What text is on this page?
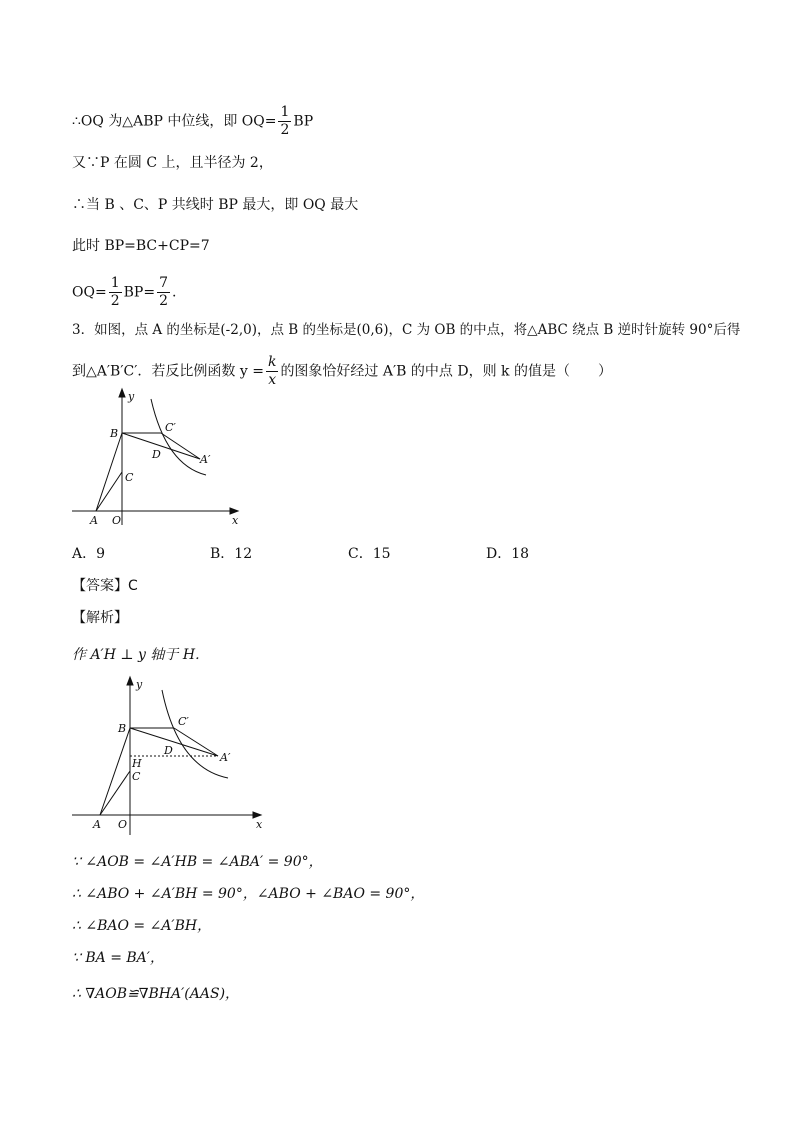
∴OQ 为△ABP 中位线，即 $OQ= \frac{1}{2}$ BP
又∵P 在圆 C 上，且半径为 2，
∴当 B 、C、P 共线时 BP 最大，即 OQ 最大
此时 BP=BC+CP=7
$OQ= \frac{1}{2} BP= \frac{7}{2}$ .
3．如图，点 A 的坐标是(-2,0)，点 B 的坐标是(0,6)，C 为 OB 的中点，将△ABC 绕点 B 逆时针旋转 90°后得
到△A′B′C′．若反比例函数 $y = \frac{k}{x}$ 的图象恰好经过 A′B 的中点 D，则 k 的值是（　　）
y
B	C′
D	A′
C
A O	x
A．9	B．12	C．15	D．18
【答案】C
【解析】
作 A′H ⊥ y 轴于 H．
y
B
C′
D
A′
H
C
A O	x
∵ ∠AOB = ∠A′HB = ∠ABA′ = 90°，
∴ ∠ABO + ∠A′BH = 90°，∠ABO + ∠BAO = 90°，
∴ ∠BAO = ∠A′BH，
∵ BA = BA′，
∴ ∇AOB≌∇BHA′(AAS)，
